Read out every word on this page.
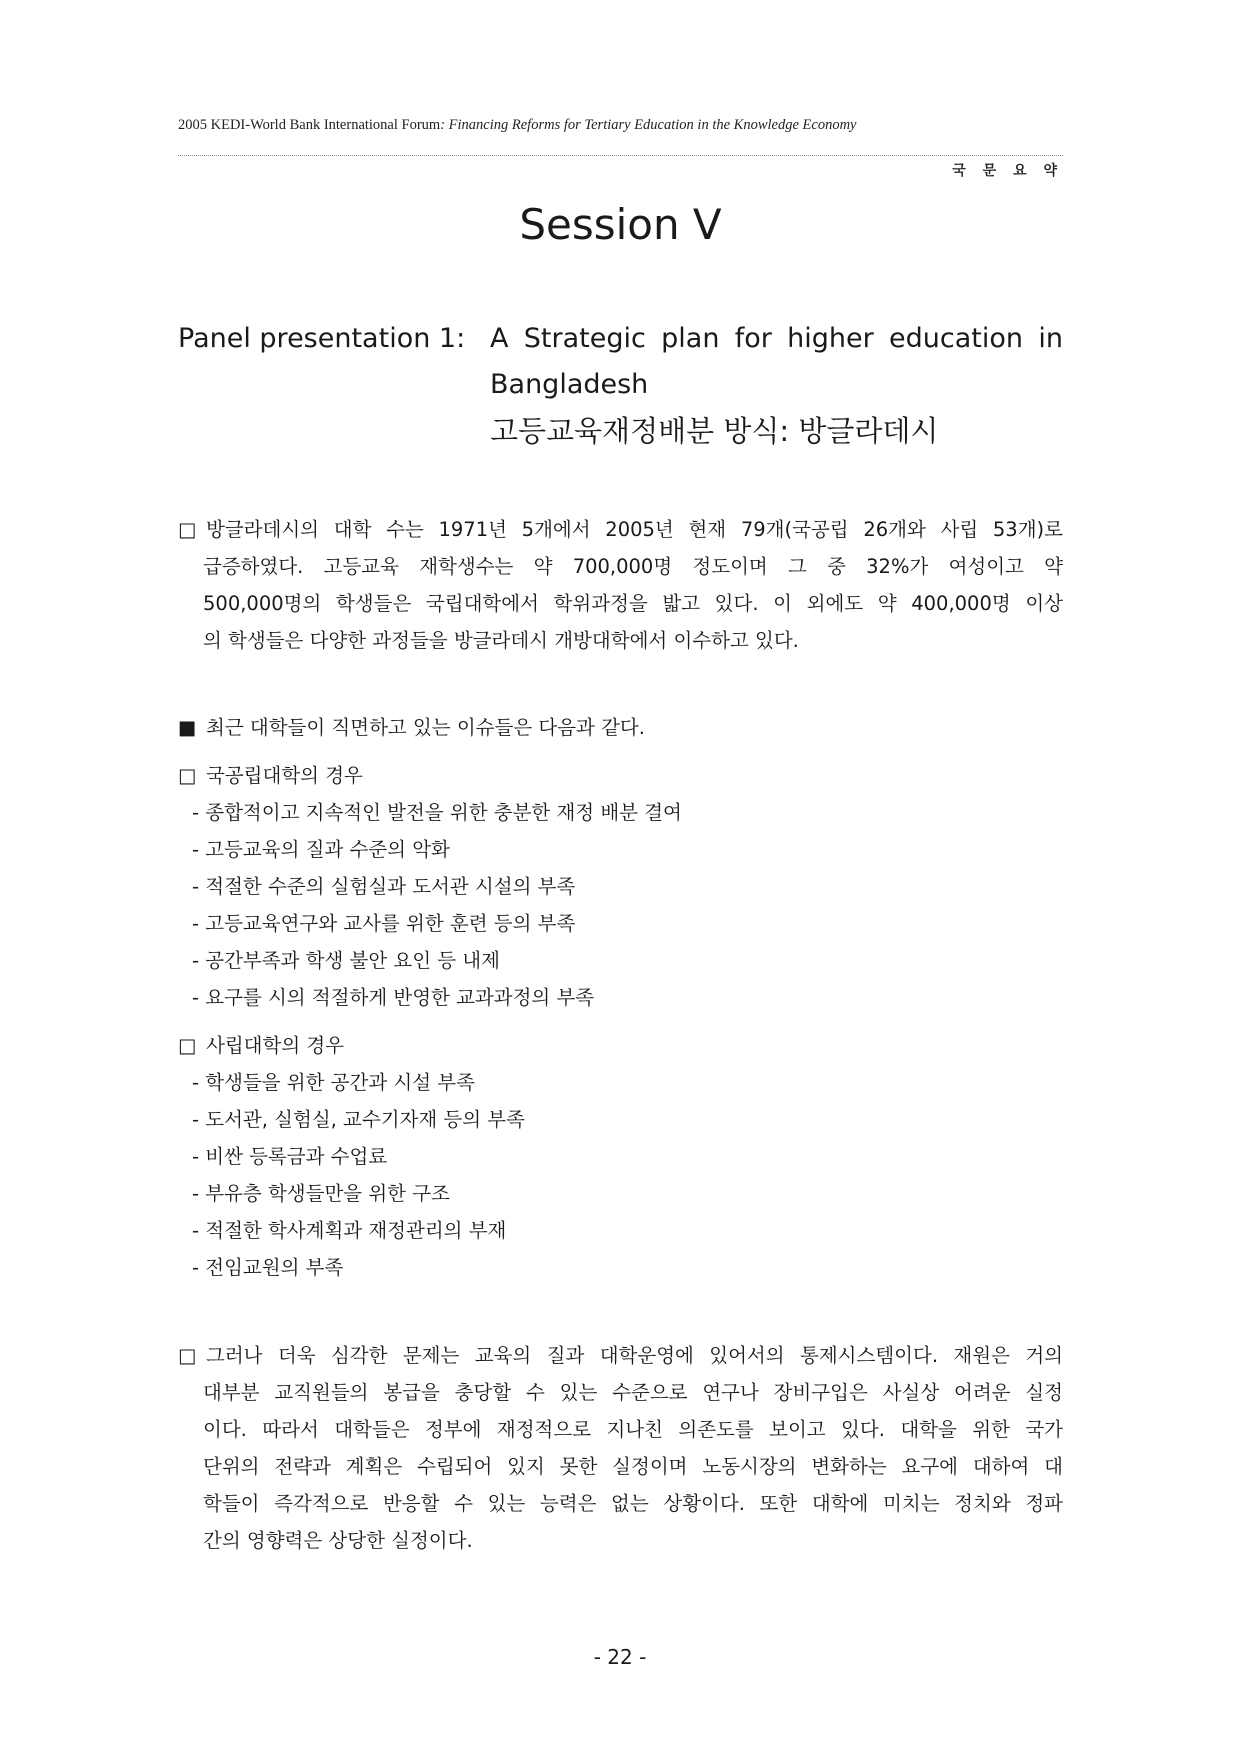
2005 KEDI-World Bank International Forum: Financing Reforms for Tertiary Education in the Knowledge Economy
국 문 요 약
Session V
Panel presentation 1: A Strategic plan for higher education in
Bangladesh
고등교육재정배분 방식: 방글라데시
□ 방글라데시의 대학 수는 1971년 5개에서 2005년 현재 79개(국공립 26개와 사립 53개)로
급증하였다. 고등교육 재학생수는 약 700,000명 정도이며 그 중 32%가 여성이고 약
500,000명의 학생들은 국립대학에서 학위과정을 밟고 있다. 이 외에도 약 400,000명 이상
의 학생들은 다양한 과정들을 방글라데시 개방대학에서 이수하고 있다.
■ 최근 대학들이 직면하고 있는 이슈들은 다음과 같다.
□ 국공립대학의 경우
- 종합적이고 지속적인 발전을 위한 충분한 재정 배분 결여
- 고등교육의 질과 수준의 악화
- 적절한 수준의 실험실과 도서관 시설의 부족
- 고등교육연구와 교사를 위한 훈련 등의 부족
- 공간부족과 학생 불안 요인 등 내제
- 요구를 시의 적절하게 반영한 교과과정의 부족
□ 사립대학의 경우
- 학생들을 위한 공간과 시설 부족
- 도서관, 실험실, 교수기자재 등의 부족
- 비싼 등록금과 수업료
- 부유층 학생들만을 위한 구조
- 적절한 학사계획과 재정관리의 부재
- 전임교원의 부족
□ 그러나 더욱 심각한 문제는 교육의 질과 대학운영에 있어서의 통제시스템이다. 재원은 거의
대부분 교직원들의 봉급을 충당할 수 있는 수준으로 연구나 장비구입은 사실상 어려운 실정
이다. 따라서 대학들은 정부에 재정적으로 지나친 의존도를 보이고 있다. 대학을 위한 국가
단위의 전략과 계획은 수립되어 있지 못한 실정이며 노동시장의 변화하는 요구에 대하여 대
학들이 즉각적으로 반응할 수 있는 능력은 없는 상황이다. 또한 대학에 미치는 정치와 정파
간의 영향력은 상당한 실정이다.
- 22 -
